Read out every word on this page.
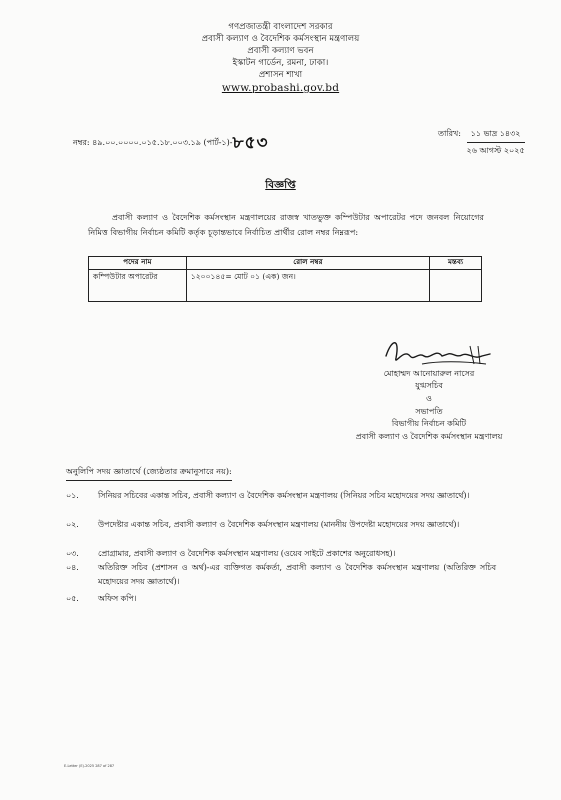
গণপ্রজাতন্ত্রী বাংলাদেশ সরকার
প্রবাসী কল্যাণ ও বৈদেশিক কর্মসংস্থান মন্ত্রণালয়
প্রবাসী কল্যাণ ভবন
ইস্কাটন গার্ডেন, রমনা, ঢাকা।
প্রশাসন শাখা
www.probashi.gov.bd
নম্বর: ৪৯.০০.০০০০.০১৫.১৮.০০৩.১৯ (পার্ট-১)-৮৫৩	তারিখ:	১১ ভাদ্র ১৪৩২
২৬ আগস্ট ২০২৫
বিজ্ঞপ্তি
প্রবাসী কল্যাণ ও বৈদেশিক কর্মসংস্থান মন্ত্রণালয়ের রাজস্ব খাতভুক্ত কম্পিউটার অপারেটর পদে জনবল নিয়োগের নিমিত্ত বিভাগীয় নির্বাচন কমিটি কর্তৃক চূড়ান্তভাবে নির্বাচিত প্রার্থীর রোল নম্বর নিম্নরূপ:
পদের নাম	রোল নম্বর	মন্তব্য
কম্পিউটার অপারেটর	১২০০১৪৫= মোট ০১ (এক) জন।	
মোহাম্মদ আনোয়ারুল নাসের
যুগ্মসচিব
ও
সভাপতি
বিভাগীয় নির্বাচন কমিটি
প্রবাসী কল্যাণ ও বৈদেশিক কর্মসংস্থান মন্ত্রণালয়
অনুলিপি সদয় জ্ঞাতার্থে (জ্যেষ্ঠতার ক্রমানুসারে নয়):
০১.	সিনিয়র সচিবের একান্ত সচিব, প্রবাসী কল্যাণ ও বৈদেশিক কর্মসংস্থান মন্ত্রণালয় (সিনিয়র সচিব মহোদয়ের সদয় জ্ঞাতার্থে)।
০২.	উপদেষ্টার একান্ত সচিব, প্রবাসী কল্যাণ ও বৈদেশিক কর্মসংস্থান মন্ত্রণালয় (মাননীয় উপদেষ্টা মহোদয়ের সদয় জ্ঞাতার্থে)।
০৩.	প্রোগ্রামার, প্রবাসী কল্যাণ ও বৈদেশিক কর্মসংস্থান মন্ত্রণালয় (ওয়েব সাইটে প্রকাশের অনুরোধসহ)।
০৪.	অতিরিক্ত সচিব (প্রশাসন ও অর্থ)-এর ব্যক্তিগত কর্মকর্তা, প্রবাসী কল্যাণ ও বৈদেশিক কর্মসংস্থান মন্ত্রণালয় (অতিরিক্ত সচিব মহোদয়ের সদয় জ্ঞাতার্থে)।
০৫.	অফিস কপি।
E-Letter (E)-2025 287 of 287
